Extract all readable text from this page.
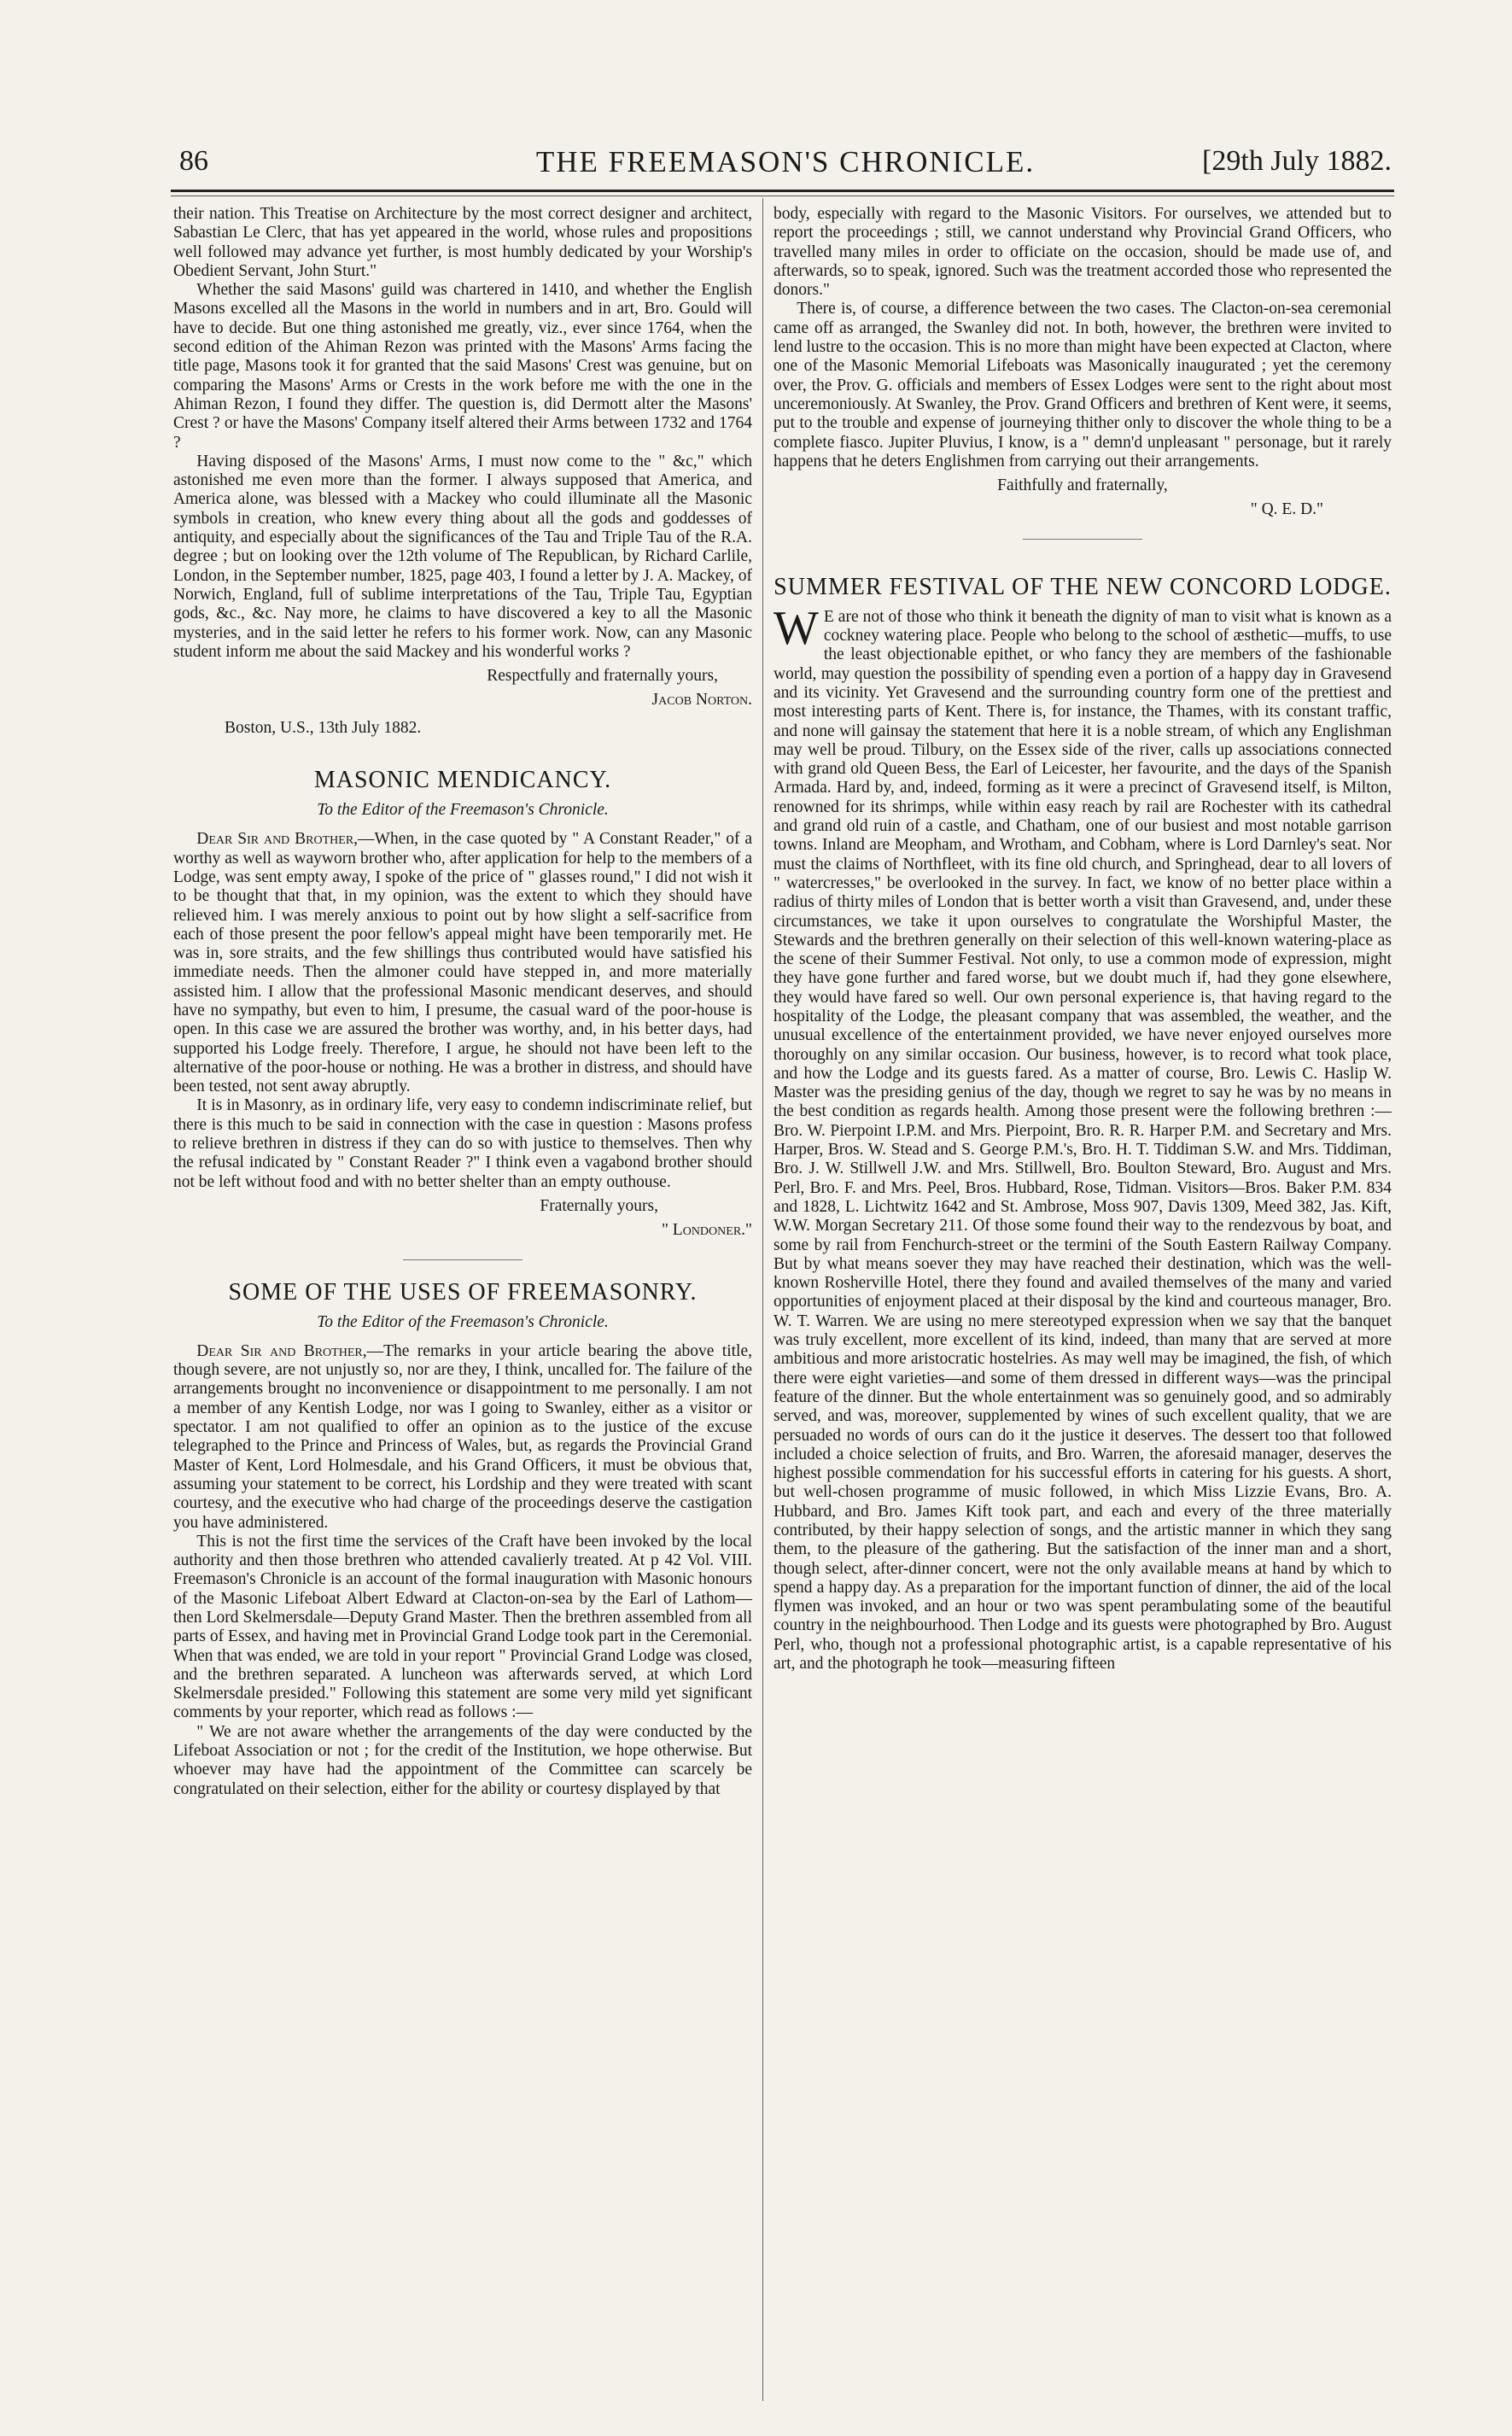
86	THE FREEMASON'S CHRONICLE.	[29th July 1882.

their nation. This Treatise on Architecture by the most correct designer and architect, Sabastian Le Clerc, that has yet appeared in the world, whose rules and propositions well followed may advance yet further, is most humbly dedicated by your Worship's Obedient Servant, John Sturt."

Whether the said Masons' guild was chartered in 1410, and whether the English Masons excelled all the Masons in the world in numbers and in art, Bro. Gould will have to decide. But one thing astonished me greatly, viz., ever since 1764, when the second edition of the Ahiman Rezon was printed with the Masons' Arms facing the title page, Masons took it for granted that the said Masons' Crest was genuine, but on comparing the Masons' Arms or Crests in the work before me with the one in the Ahiman Rezon, I found they differ. The question is, did Dermott alter the Masons' Crest ? or have the Masons' Company itself altered their Arms between 1732 and 1764 ?

Having disposed of the Masons' Arms, I must now come to the " &c," which astonished me even more than the former. I always supposed that America, and America alone, was blessed with a Mackey who could illuminate all the Masonic symbols in creation, who knew every thing about all the gods and goddesses of antiquity, and especially about the significances of the Tau and Triple Tau of the R.A. degree ; but on looking over the 12th volume of The Republican, by Richard Carlile, London, in the September number, 1825, page 403, I found a letter by J. A. Mackey, of Norwich, England, full of sublime interpretations of the Tau, Triple Tau, Egyptian gods, &c., &c. Nay more, he claims to have discovered a key to all the Masonic mysteries, and in the said letter he refers to his former work. Now, can any Masonic student inform me about the said Mackey and his wonderful works ?

Respectfully and fraternally yours,
Jacob Norton.
Boston, U.S., 13th July 1882.
MASONIC MENDICANCY.
To the Editor of the Freemason's Chronicle.

Dear Sir and Brother,—When, in the case quoted by " A Constant Reader," of a worthy as well as wayworn brother who, after application for help to the members of a Lodge, was sent empty away, I spoke of the price of " glasses round," I did not wish it to be thought that that, in my opinion, was the extent to which they should have relieved him. I was merely anxious to point out by how slight a self-sacrifice from each of those present the poor fellow's appeal might have been temporarily met. He was in, sore straits, and the few shillings thus contributed would have satisfied his immediate needs. Then the almoner could have stepped in, and more materially assisted him. I allow that the professional Masonic mendicant deserves, and should have no sympathy, but even to him, I presume, the casual ward of the poor-house is open. In this case we are assured the brother was worthy, and, in his better days, had supported his Lodge freely. Therefore, I argue, he should not have been left to the alternative of the poor-house or nothing. He was a brother in distress, and should have been tested, not sent away abruptly.

It is in Masonry, as in ordinary life, very easy to condemn indiscriminate relief, but there is this much to be said in connection with the case in question : Masons profess to relieve brethren in distress if they can do so with justice to themselves. Then why the refusal indicated by " Constant Reader ?" I think even a vagabond brother should not be left without food and with no better shelter than an empty outhouse.

Fraternally yours,
" Londoner."
SOME OF THE USES OF FREEMASONRY.
To the Editor of the Freemason's Chronicle.

Dear Sir and Brother,—The remarks in your article bearing the above title, though severe, are not unjustly so, nor are they, I think, uncalled for. The failure of the arrangements brought no inconvenience or disappointment to me personally. I am not a member of any Kentish Lodge, nor was I going to Swanley, either as a visitor or spectator. I am not qualified to offer an opinion as to the justice of the excuse telegraphed to the Prince and Princess of Wales, but, as regards the Provincial Grand Master of Kent, Lord Holmesdale, and his Grand Officers, it must be obvious that, assuming your statement to be correct, his Lordship and they were treated with scant courtesy, and the executive who had charge of the proceedings deserve the castigation you have administered.

This is not the first time the services of the Craft have been invoked by the local authority and then those brethren who attended cavalierly treated. At p 42 Vol. VIII. Freemason's Chronicle is an account of the formal inauguration with Masonic honours of the Masonic Lifeboat Albert Edward at Clacton-on-sea by the Earl of Lathom—then Lord Skelmersdale—Deputy Grand Master. Then the brethren assembled from all parts of Essex, and having met in Provincial Grand Lodge took part in the Ceremonial. When that was ended, we are told in your report " Provincial Grand Lodge was closed, and the brethren separated. A luncheon was afterwards served, at which Lord Skelmersdale presided." Following this statement are some very mild yet significant comments by your reporter, which read as follows :—

" We are not aware whether the arrangements of the day were conducted by the Lifeboat Association or not ; for the credit of the Institution, we hope otherwise. But whoever may have had the appointment of the Committee can scarcely be congratulated on their selection, either for the ability or courtesy displayed by that

body, especially with regard to the Masonic Visitors. For ourselves, we attended but to report the proceedings ; still, we cannot understand why Provincial Grand Officers, who travelled many miles in order to officiate on the occasion, should be made use of, and afterwards, so to speak, ignored. Such was the treatment accorded those who represented the donors."

There is, of course, a difference between the two cases. The Clacton-on-sea ceremonial came off as arranged, the Swanley did not. In both, however, the brethren were invited to lend lustre to the occasion. This is no more than might have been expected at Clacton, where one of the Masonic Memorial Lifeboats was Masonically inaugurated ; yet the ceremony over, the Prov. G. officials and members of Essex Lodges were sent to the right about most unceremoniously. At Swanley, the Prov. Grand Officers and brethren of Kent were, it seems, put to the trouble and expense of journeying thither only to discover the whole thing to be a complete fiasco. Jupiter Pluvius, I know, is a " demn'd unpleasant " personage, but it rarely happens that he deters Englishmen from carrying out their arrangements.

Faithfully and fraternally,
" Q. E. D."
SUMMER FESTIVAL OF THE NEW CONCORD LODGE.

W E are not of those who think it beneath the dignity of man to visit what is known as a cockney watering place. People who belong to the school of æsthetic—muffs, to use the least objectionable epithet, or who fancy they are members of the fashionable world, may question the possibility of spending even a portion of a happy day in Gravesend and its vicinity. Yet Gravesend and the surrounding country form one of the prettiest and most interesting parts of Kent. There is, for instance, the Thames, with its constant traffic, and none will gainsay the statement that here it is a noble stream, of which any Englishman may well be proud. Tilbury, on the Essex side of the river, calls up associations connected with grand old Queen Bess, the Earl of Leicester, her favourite, and the days of the Spanish Armada. Hard by, and, indeed, forming as it were a precinct of Gravesend itself, is Milton, renowned for its shrimps, while within easy reach by rail are Rochester with its cathedral and grand old ruin of a castle, and Chatham, one of our busiest and most notable garrison towns. Inland are Meopham, and Wrotham, and Cobham, where is Lord Darnley's seat. Nor must the claims of Northfleet, with its fine old church, and Springhead, dear to all lovers of " watercresses," be overlooked in the survey. In fact, we know of no better place within a radius of thirty miles of London that is better worth a visit than Gravesend, and, under these circumstances, we take it upon ourselves to congratulate the Worshipful Master, the Stewards and the brethren generally on their selection of this well-known watering-place as the scene of their Summer Festival. Not only, to use a common mode of expression, might they have gone further and fared worse, but we doubt much if, had they gone elsewhere, they would have fared so well. Our own personal experience is, that having regard to the hospitality of the Lodge, the pleasant company that was assembled, the weather, and the unusual excellence of the entertainment provided, we have never enjoyed ourselves more thoroughly on any similar occasion. Our business, however, is to record what took place, and how the Lodge and its guests fared. As a matter of course, Bro. Lewis C. Haslip W. Master was the presiding genius of the day, though we regret to say he was by no means in the best condition as regards health. Among those present were the following brethren :— Bro. W. Pierpoint I.P.M. and Mrs. Pierpoint, Bro. R. R. Harper P.M. and Secretary and Mrs. Harper, Bros. W. Stead and S. George P.M.'s, Bro. H. T. Tiddiman S.W. and Mrs. Tiddiman, Bro. J. W. Stillwell J.W. and Mrs. Stillwell, Bro. Boulton Steward, Bro. August and Mrs. Perl, Bro. F. and Mrs. Peel, Bros. Hubbard, Rose, Tidman. Visitors—Bros. Baker P.M. 834 and 1828, L. Lichtwitz 1642 and St. Ambrose, Moss 907, Davis 1309, Meed 382, Jas. Kift, W.W. Morgan Secretary 211. Of those some found their way to the rendezvous by boat, and some by rail from Fenchurch-street or the termini of the South Eastern Railway Company. But by what means soever they may have reached their destination, which was the well-known Rosherville Hotel, there they found and availed themselves of the many and varied opportunities of enjoyment placed at their disposal by the kind and courteous manager, Bro. W. T. Warren. We are using no mere stereotyped expression when we say that the banquet was truly excellent, more excellent of its kind, indeed, than many that are served at more ambitious and more aristocratic hostelries. As may well may be imagined, the fish, of which there were eight varieties—and some of them dressed in different ways—was the principal feature of the dinner. But the whole entertainment was so genuinely good, and so admirably served, and was, moreover, supplemented by wines of such excellent quality, that we are persuaded no words of ours can do it the justice it deserves. The dessert too that followed included a choice selection of fruits, and Bro. Warren, the aforesaid manager, deserves the highest possible commendation for his successful efforts in catering for his guests. A short, but well-chosen programme of music followed, in which Miss Lizzie Evans, Bro. A. Hubbard, and Bro. James Kift took part, and each and every of the three materially contributed, by their happy selection of songs, and the artistic manner in which they sang them, to the pleasure of the gathering. But the satisfaction of the inner man and a short, though select, after-dinner concert, were not the only available means at hand by which to spend a happy day. As a preparation for the important function of dinner, the aid of the local flymen was invoked, and an hour or two was spent perambulating some of the beautiful country in the neighbourhood. Then Lodge and its guests were photographed by Bro. August Perl, who, though not a professional photographic artist, is a capable representative of his art, and the photograph he took—measuring fifteen
